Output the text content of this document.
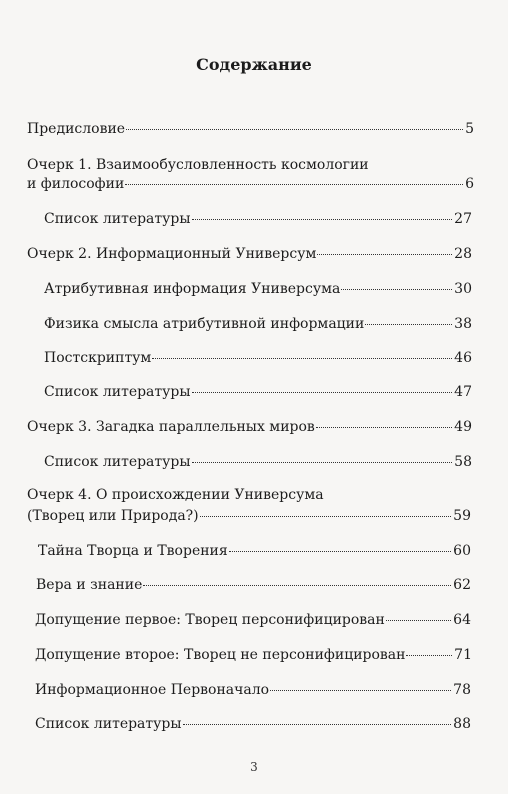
Содержание
Предисловие	5
Очерк 1. Взаимообусловленность космологии
и философии	6
Список литературы	27
Очерк 2. Информационный Универсум	28
Атрибутивная информация Универсума	30
Физика смысла атрибутивной информации	38
Постскриптум	46
Список литературы	47
Очерк 3. Загадка параллельных миров	49
Список литературы	58
Очерк 4. О происхождении Универсума
(Творец или Природа?)	59
Тайна Творца и Творения	60
Вера и знание	62
Допущение первое: Творец персонифицирован	64
Допущение второе: Творец не персонифицирован	71
Информационное Первоначало	78
Список литературы	88
3
